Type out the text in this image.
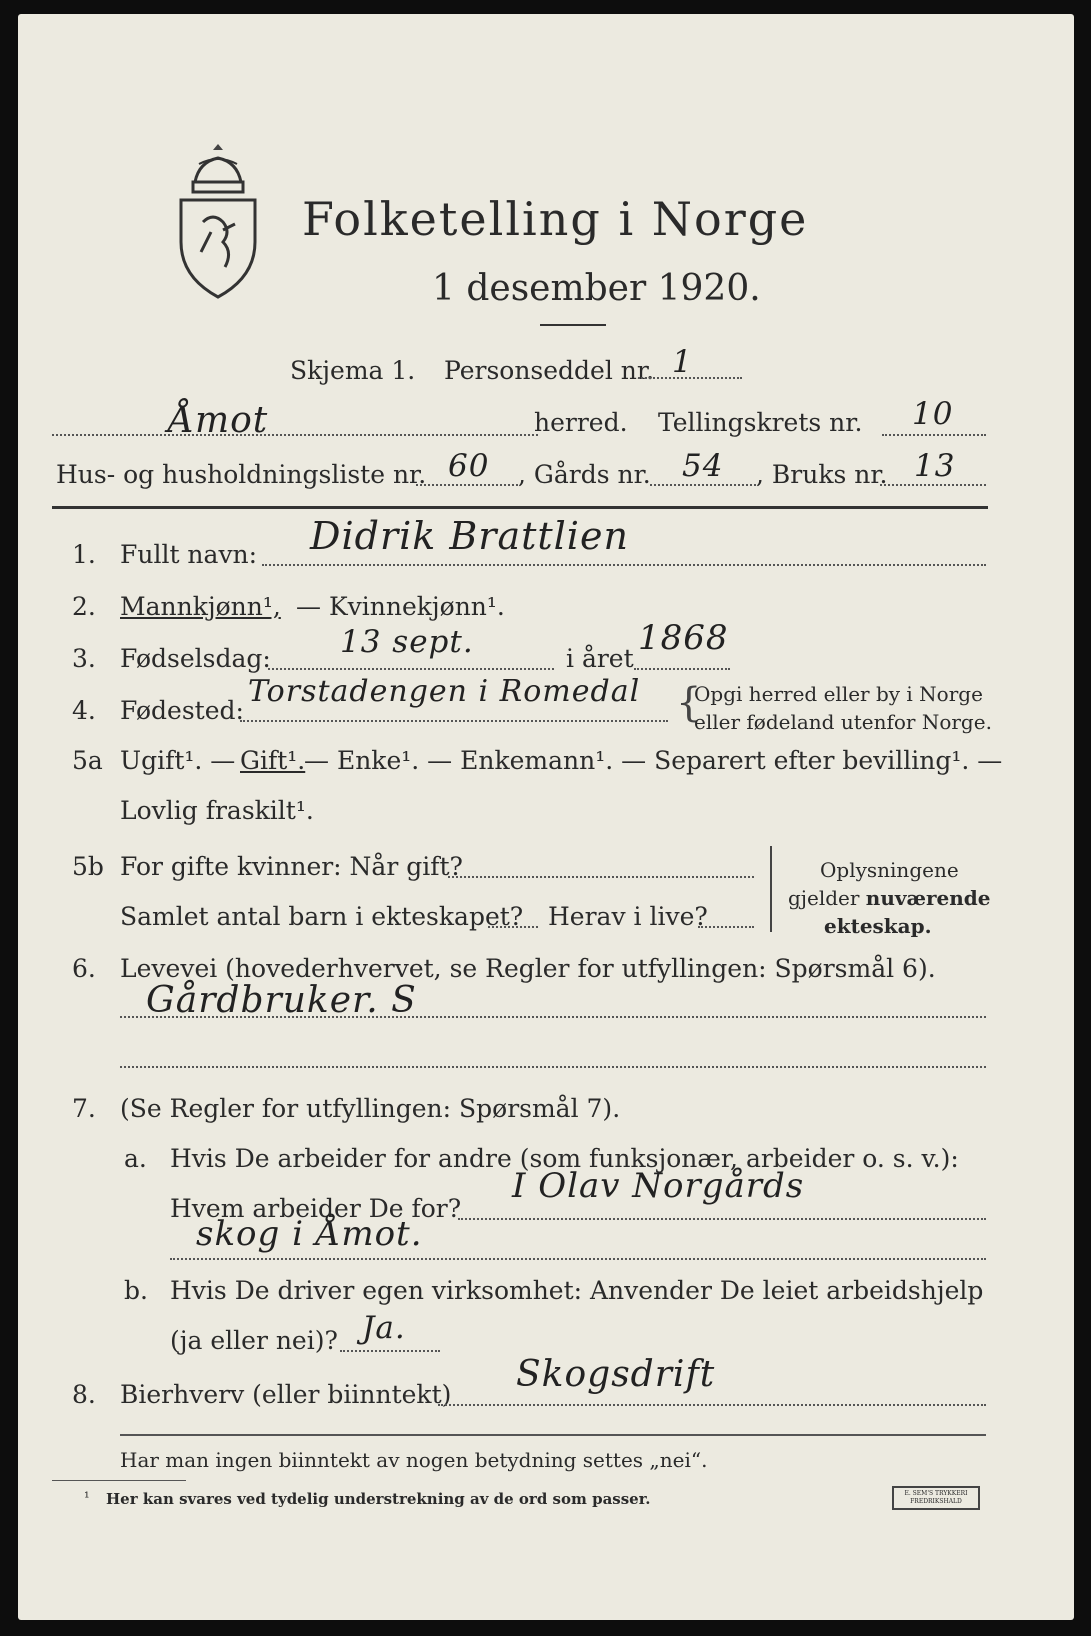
Folketelling i Norge
1 desember 1920.
Skjema 1. Personseddel nr. 1
Åmot	herred. Tellingskrets nr. 10
Hus- og husholdningsliste nr. 60 , Gårds nr. 54 , Bruks nr. 13
1. Fullt navn: Didrik Brattlien
2. Mannkjønn¹, — Kvinnekjønn¹.
3. Fødselsdag: 13 sept.	i året
1868
4. Fødested:
Torstadengen i Romedal {
Opgi herred eller by i Norge
eller fødeland utenfor Norge.
5a Ugift¹. — Gift¹.
— Enke¹. — Enkemann¹. — Separert efter bevilling¹. —
Lovlig fraskilt¹.
5b For gifte kvinner: Når gift?
Samlet antal barn i ekteskapet? Herav i live?
Oplysningene
gjelder nuværende
ekteskap.
6. Levevei (hovederhvervet, se Regler for utfyllingen: Spørsmål 6).
Gårdbruker. S
7. (Se Regler for utfyllingen: Spørsmål 7).
a. Hvis De arbeider for andre (som funksjonær, arbeider o. s. v.):
Hvem arbeider De for?
I Olav Norgårds
skog i Åmot.
b. Hvis De driver egen virksomhet: Anvender De leiet arbeidshjelp
(ja eller nei)? Ja.
8. Bierhverv (eller biinntekt) Skogsdrift
Har man ingen biinntekt av nogen betydning settes „nei“.
¹ Her kan svares ved tydelig understrekning av de ord som passer.	E. SEM'S TRYKKERI
FREDRIKSHALD
